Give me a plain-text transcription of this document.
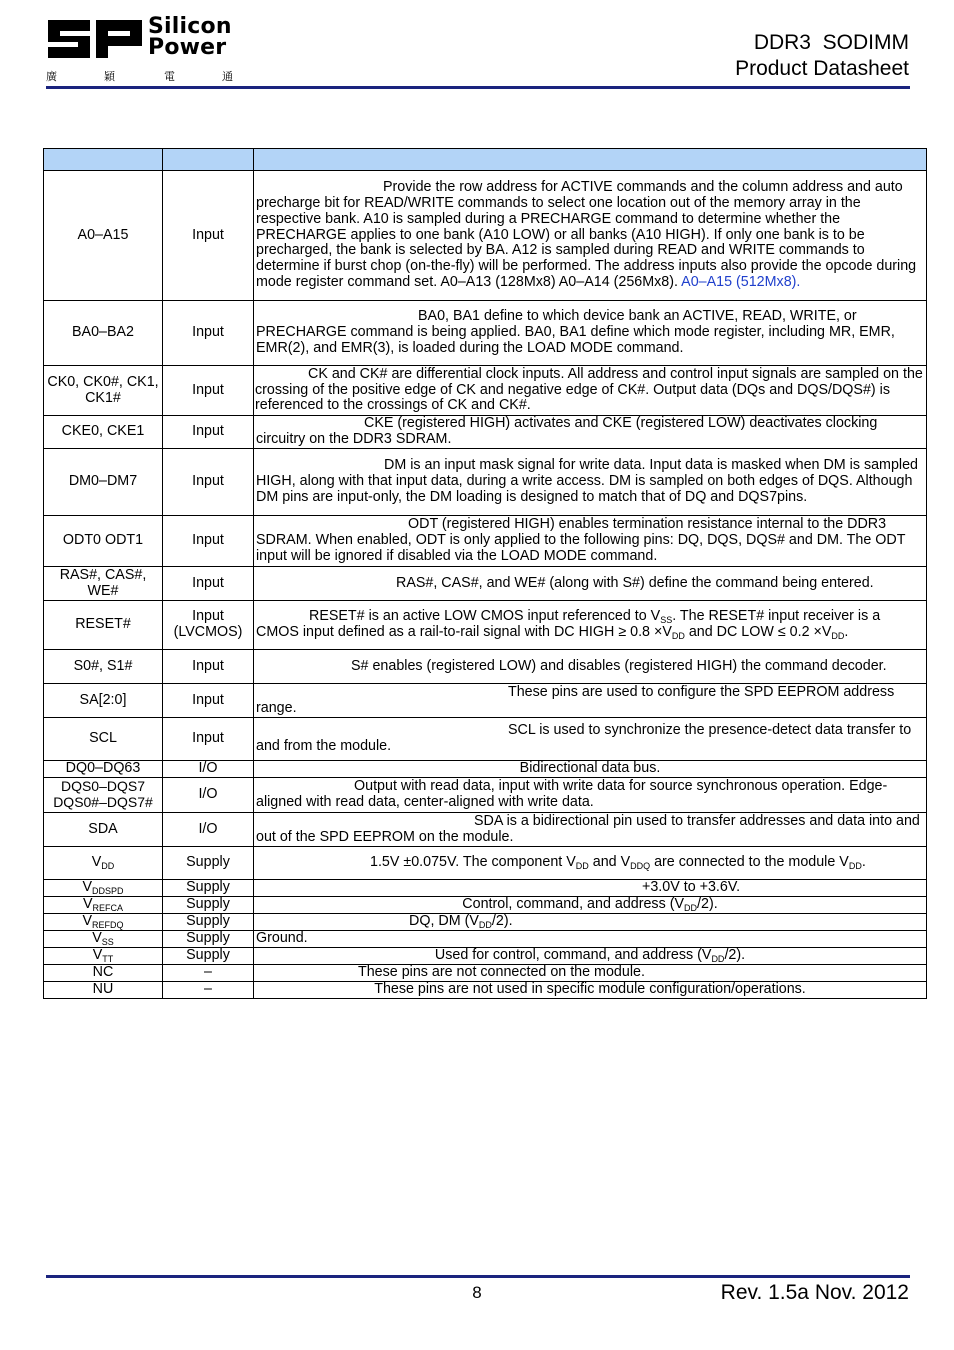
Silicon
Power
廣	穎	電	通
DDR3  SODIMM
Product Datasheet

A0–A15	Input	Provide the row address for ACTIVE commands and the column address and auto precharge bit for READ/WRITE commands to select one location out of the memory array in the respective bank. A10 is sampled during a PRECHARGE command to determine whether the PRECHARGE applies to one bank (A10 LOW) or all banks (A10 HIGH). If only one bank is to be precharged, the bank is selected by BA. A12 is sampled during READ and WRITE commands to determine if burst chop (on-the-fly) will be performed. The address inputs also provide the opcode during mode register command set. A0–A13 (128Mx8) A0–A14 (256Mx8). A0–A15 (512Mx8).
BA0–BA2	Input	BA0, BA1 define to which device bank an ACTIVE, READ, WRITE, or PRECHARGE command is being applied. BA0, BA1 define which mode register, including MR, EMR, EMR(2), and EMR(3), is loaded during the LOAD MODE command.
CK0, CK0#, CK1, CK1#	Input	CK and CK# are differential clock inputs. All address and control input signals are sampled on the crossing of the positive edge of CK and negative edge of CK#. Output data (DQs and DQS/DQS#) is referenced to the crossings of CK and CK#.
CKE0, CKE1	Input	CKE (registered HIGH) activates and CKE (registered LOW) deactivates clocking circuitry on the DDR3 SDRAM.
DM0–DM7	Input	DM is an input mask signal for write data. Input data is masked when DM is sampled HIGH, along with that input data, during a write access. DM is sampled on both edges of DQS. Although DM pins are input-only, the DM loading is designed to match that of DQ and DQS7pins.
ODT0 ODT1	Input	ODT (registered HIGH) enables termination resistance internal to the DDR3 SDRAM. When enabled, ODT is only applied to the following pins: DQ, DQS, DQS# and DM. The ODT input will be ignored if disabled via the LOAD MODE command.
RAS#, CAS#, WE#	Input	RAS#, CAS#, and WE# (along with S#) define the command being entered.
RESET#	Input (LVCMOS)	RESET# is an active LOW CMOS input referenced to $V_{SS}$. The RESET# input receiver is a CMOS input defined as a rail-to-rail signal with DC HIGH ≥ $0.8 \times V_{DD}$ and DC LOW ≤ $0.2 \times V_{DD}$.
S0#, S1#	Input	S# enables (registered LOW) and disables (registered HIGH) the command decoder.
SA[2:0]	Input	These pins are used to configure the SPD EEPROM address range.
SCL	Input	SCL is used to synchronize the presence-detect data transfer to and from the module.
DQ0–DQ63	I/O	Bidirectional data bus.
DQS0–DQS7 DQS0#–DQS7#	I/O	Output with read data, input with write data for source synchronous operation. Edge-aligned with read data, center-aligned with write data.
SDA	I/O	SDA is a bidirectional pin used to transfer addresses and data into and out of the SPD EEPROM on the module.
$V_{DD}$	Supply	1.5V ±0.075V. The component $V_{DD}$ and $V_{DDQ}$ are connected to the module $V_{DD}$.
$V_{DDSPD}$	Supply	+3.0V to +3.6V.
$V_{REFCA}$	Supply	Control, command, and address $(V_{DD}/2)$.
$V_{REFDQ}$	Supply	DQ, DM $(V_{DD}/2)$.
$V_{SS}$	Supply	Ground.
$V_{TT}$	Supply	Used for control, command, and address $(V_{DD}/2)$.
NC	–	These pins are not connected on the module.
NU	–	These pins are not used in specific module configuration/operations.
8	Rev. 1.5a Nov. 2012
